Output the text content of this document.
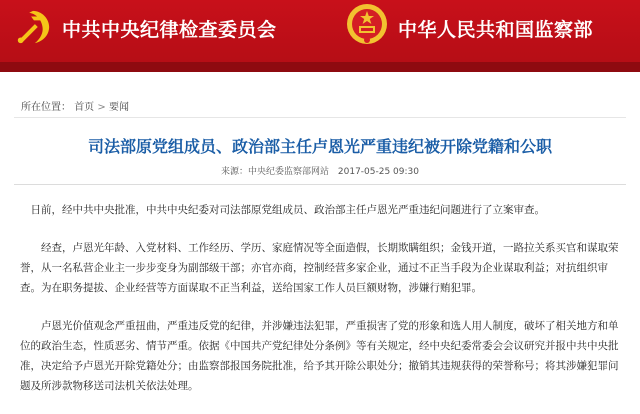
中共中央纪律检查委员会	中华人民共和国监察部
所在位置： 首页 > 要闻
司法部原党组成员、政治部主任卢恩光严重违纪被开除党籍和公职
来源：中央纪委监察部网站 2017-05-25 09:30

日前，经中共中央批准，中共中央纪委对司法部原党组成员、政治部主任卢恩光严重违纪问题进行了立案审查。

经查，卢恩光年龄、入党材料、工作经历、学历、家庭情况等全面造假，长期欺瞒组织；金钱开道，一路拉关系买官和谋取荣誉，从一名私营企业主一步步变身为副部级干部；亦官亦商，控制经营多家企业，通过不正当手段为企业谋取利益；对抗组织审查。为在职务提拔、企业经营等方面谋取不正当利益，送给国家工作人员巨额财物，涉嫌行贿犯罪。

卢恩光价值观念严重扭曲，严重违反党的纪律，并涉嫌违法犯罪，严重损害了党的形象和选人用人制度，破坏了相关地方和单位的政治生态，性质恶劣、情节严重。依据《中国共产党纪律处分条例》等有关规定，经中央纪委常委会会议研究并报中共中央批准，决定给予卢恩光开除党籍处分；由监察部报国务院批准，给予其开除公职处分；撤销其违规获得的荣誉称号；将其涉嫌犯罪问题及所涉款物移送司法机关依法处理。
